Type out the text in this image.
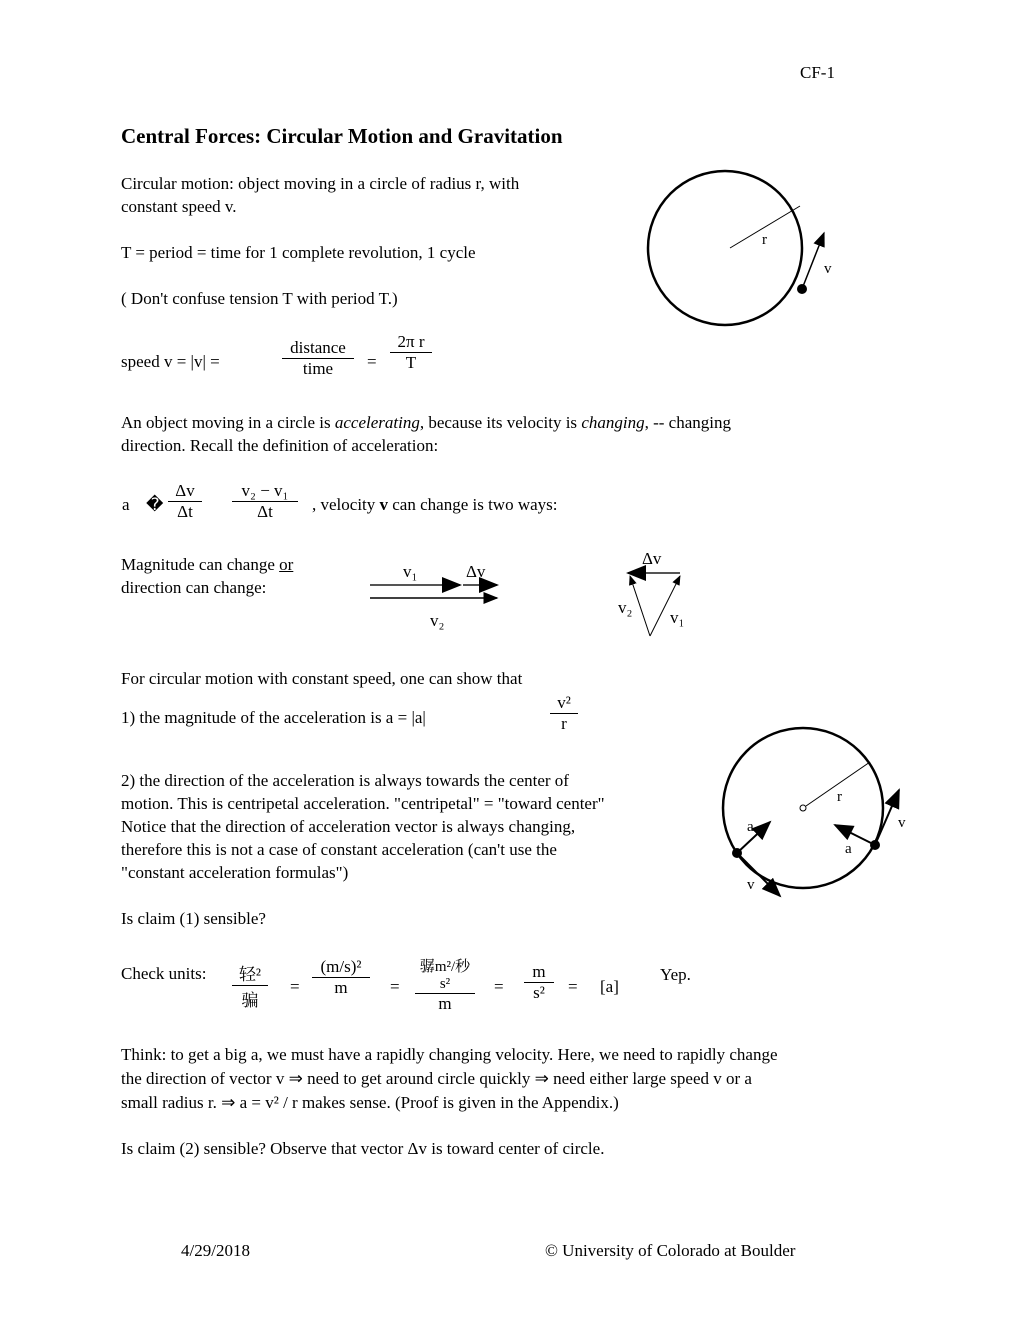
CF-1
Central Forces: Circular Motion and Gravitation
Circular motion: object moving in a circle of radius r, with
constant speed v.
T = period = time for 1 complete revolution, 1 cycle
( Don't confuse tension T with period T.)
r
v
speed v = |v| =
distance
time	= $\frac{\text{2π r}}{T}$
An object moving in a circle is accelerating, because its velocity is changing, -- changing
direction. Recall the definition of acceleration:
a � $\frac{\Delta v}{\Delta t} \frac{\text{v₂ − v₁}}{\Delta t}$ , velocity v can change is two ways:
Magnitude can change or
direction can change:
v₁	Δv
v₂
Δv
v₂
v₁
For circular motion with constant speed, one can show that
1) the magnitude of the acceleration is a = |a|	$\frac{\text{v²}}{r}$
2) the direction of the acceleration is always towards the center of
motion. This is centripetal acceleration. "centripetal" = "toward center"
Notice that the direction of acceleration vector is always changing,
therefore this is not a case of constant acceleration (can't use the
"constant acceleration formulas")
r
a
a
v
v
Is claim (1) sensible?
Check units:	轻²
骗
= $\frac{\text{(m/s)²}}{m}$ =
骣m²/秒s²
m
= $\frac{m}{\text{s²}} = [a]$
Yep.
Think: to get a big a, we must have a rapidly changing velocity. Here, we need to rapidly change
the direction of vector v ⇒ need to get around circle quickly ⇒ need either large speed v or a
small radius r. ⇒ a = v² / r makes sense. (Proof is given in the Appendix.)
Is claim (2) sensible? Observe that vector Δv is toward center of circle.
4/29/2018	© University of Colorado at Boulder
